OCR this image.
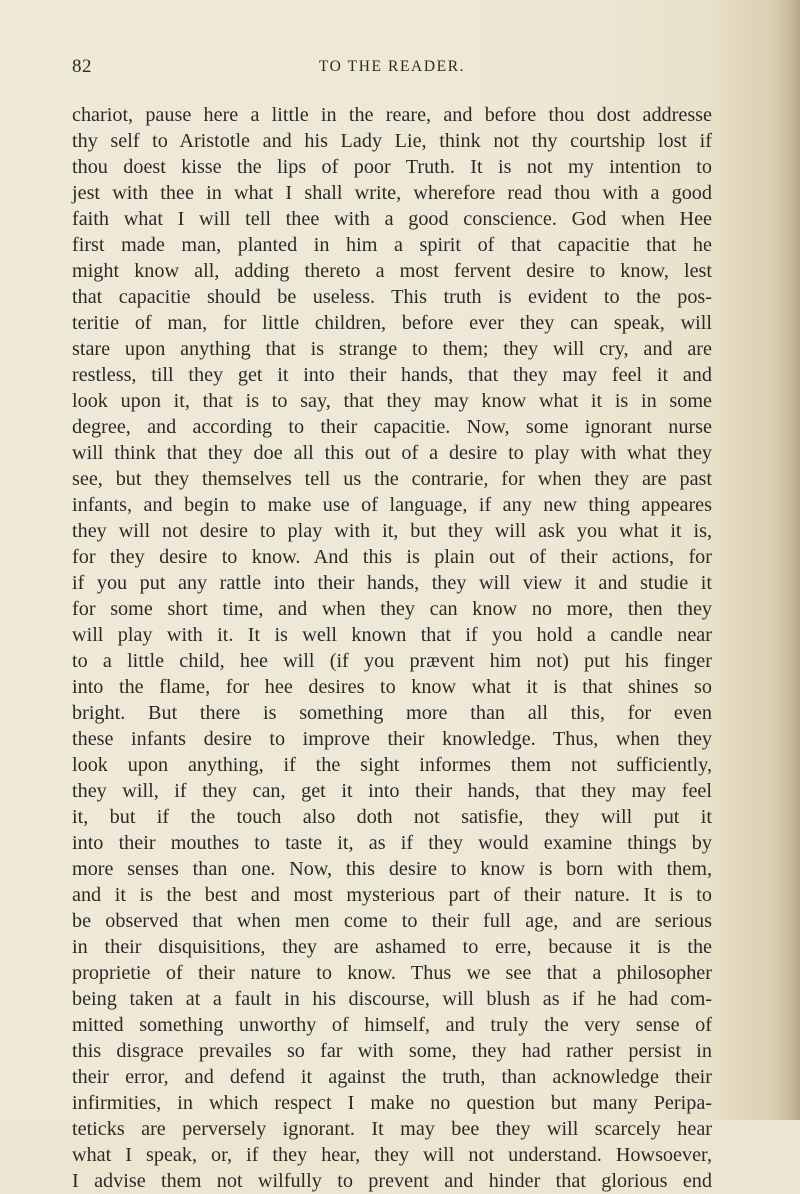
82	TO THE READER.
chariot, pause here a little in the reare, and before thou dost addresse
thy self to Aristotle and his Lady Lie, think not thy courtship lost if
thou doest kisse the lips of poor Truth. It is not my intention to
jest with thee in what I shall write, wherefore read thou with a good
faith what I will tell thee with a good conscience. God when Hee
first made man, planted in him a spirit of that capacitie that he
might know all, adding thereto a most fervent desire to know, lest
that capacitie should be useless. This truth is evident to the pos-
teritie of man, for little children, before ever they can speak, will
stare upon anything that is strange to them; they will cry, and are
restless, till they get it into their hands, that they may feel it and
look upon it, that is to say, that they may know what it is in some
degree, and according to their capacitie. Now, some ignorant nurse
will think that they doe all this out of a desire to play with what they
see, but they themselves tell us the contrarie, for when they are past
infants, and begin to make use of language, if any new thing appeares
they will not desire to play with it, but they will ask you what it is,
for they desire to know. And this is plain out of their actions, for
if you put any rattle into their hands, they will view it and studie it
for some short time, and when they can know no more, then they
will play with it. It is well known that if you hold a candle near
to a little child, hee will (if you prævent him not) put his finger
into the flame, for hee desires to know what it is that shines so
bright. But there is something more than all this, for even
these infants desire to improve their knowledge. Thus, when they
look upon anything, if the sight informes them not sufficiently,
they will, if they can, get it into their hands, that they may feel
it, but if the touch also doth not satisfie, they will put it
into their mouthes to taste it, as if they would examine things by
more senses than one. Now, this desire to know is born with them,
and it is the best and most mysterious part of their nature. It is to
be observed that when men come to their full age, and are serious
in their disquisitions, they are ashamed to erre, because it is the
proprietie of their nature to know. Thus we see that a philosopher
being taken at a fault in his discourse, will blush as if he had com-
mitted something unworthy of himself, and truly the very sense of
this disgrace prevailes so far with some, they had rather persist in
their error, and defend it against the truth, than acknowledge their
infirmities, in which respect I make no question but many Peripa-
teticks are perversely ignorant. It may bee they will scarcely hear
what I speak, or, if they hear, they will not understand. Howsoever,
I advise them not wilfully to prevent and hinder that glorious end
